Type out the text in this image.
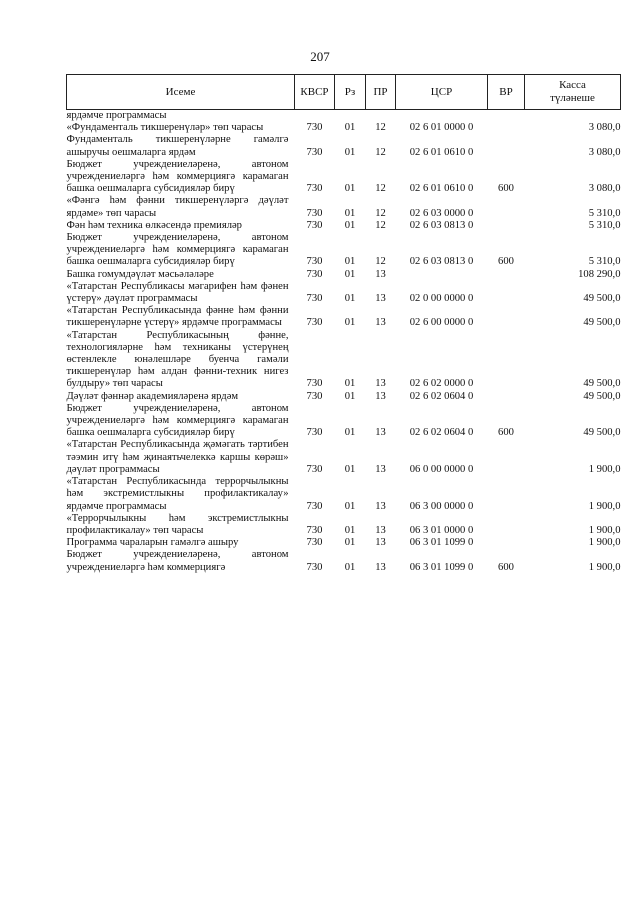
207
Исеме	КВСР	Рз	ПР	ЦСР	ВР	Касса
түләнеше
ярдәмче программасы						
«Фундаменталь тикшеренүләр» төп чарасы	730	01	12	02 6 01 0000 0		3 080,0
Фундаменталь тикшеренүләрне гамәлгә ашыручы оешмаларга ярдәм	730	01	12	02 6 01 0610 0		3 080,0
Бюджет учреждениеләренә, автоном учреждениеләргә һәм коммерциягә карамаган башка оешмаларга субсидияләр бирү	730	01	12	02 6 01 0610 0	600	3 080,0
«Фәнгә һәм фәнни тикшеренүләргә дәүләт ярдәме» төп чарасы	730	01	12	02 6 03 0000 0		5 310,0
Фән һәм техника өлкәсендә премияләр	730	01	12	02 6 03 0813 0		5 310,0
Бюджет учреждениеләренә, автоном учреждениеләргә һәм коммерциягә карамаган башка оешмаларга субсидияләр бирү	730	01	12	02 6 03 0813 0	600	5 310,0
Башка гомумдәүләт мәсьәләләре	730	01	13			108 290,0
«Татарстан Республикасы мәгарифен һәм фәнен үстерү» дәүләт программасы	730	01	13	02 0 00 0000 0		49 500,0
«Татарстан Республикасында фәнне һәм фәнни тикшеренүләрне үстерү» ярдәмче программасы	730	01	13	02 6 00 0000 0		49 500,0
«Татарстан Республикасының фәнне, технологияләрне һәм техниканы үстерүнең өстенлекле юнәлешләре буенча гамәли тикшеренүләр һәм алдан фәнни-техник нигез булдыру» төп чарасы	730	01	13	02 6 02 0000 0		49 500,0
Дәүләт фәннәр академияләренә ярдәм	730	01	13	02 6 02 0604 0		49 500,0
Бюджет учреждениеләренә, автоном учреждениеләргә һәм коммерциягә карамаган башка оешмаларга субсидияләр бирү	730	01	13	02 6 02 0604 0	600	49 500,0
«Татарстан Республикасында җәмәгать тәртибен тәэмин итү һәм җинаятьчелеккә каршы көрәш» дәүләт программасы	730	01	13	06 0 00 0000 0		1 900,0
«Татарстан Республикасында террорчылыкны һәм экстремистлыкны профилактикалау» ярдәмче программасы	730	01	13	06 3 00 0000 0		1 900,0
«Террорчылыкны һәм экстремистлыкны профилактикалау» төп чарасы	730	01	13	06 3 01 0000 0		1 900,0
Программа чараларын гамәлгә ашыру	730	01	13	06 3 01 1099 0		1 900,0
Бюджет учреждениеләренә, автоном учреждениеләргә һәм коммерциягә	730	01	13	06 3 01 1099 0	600	1 900,0
